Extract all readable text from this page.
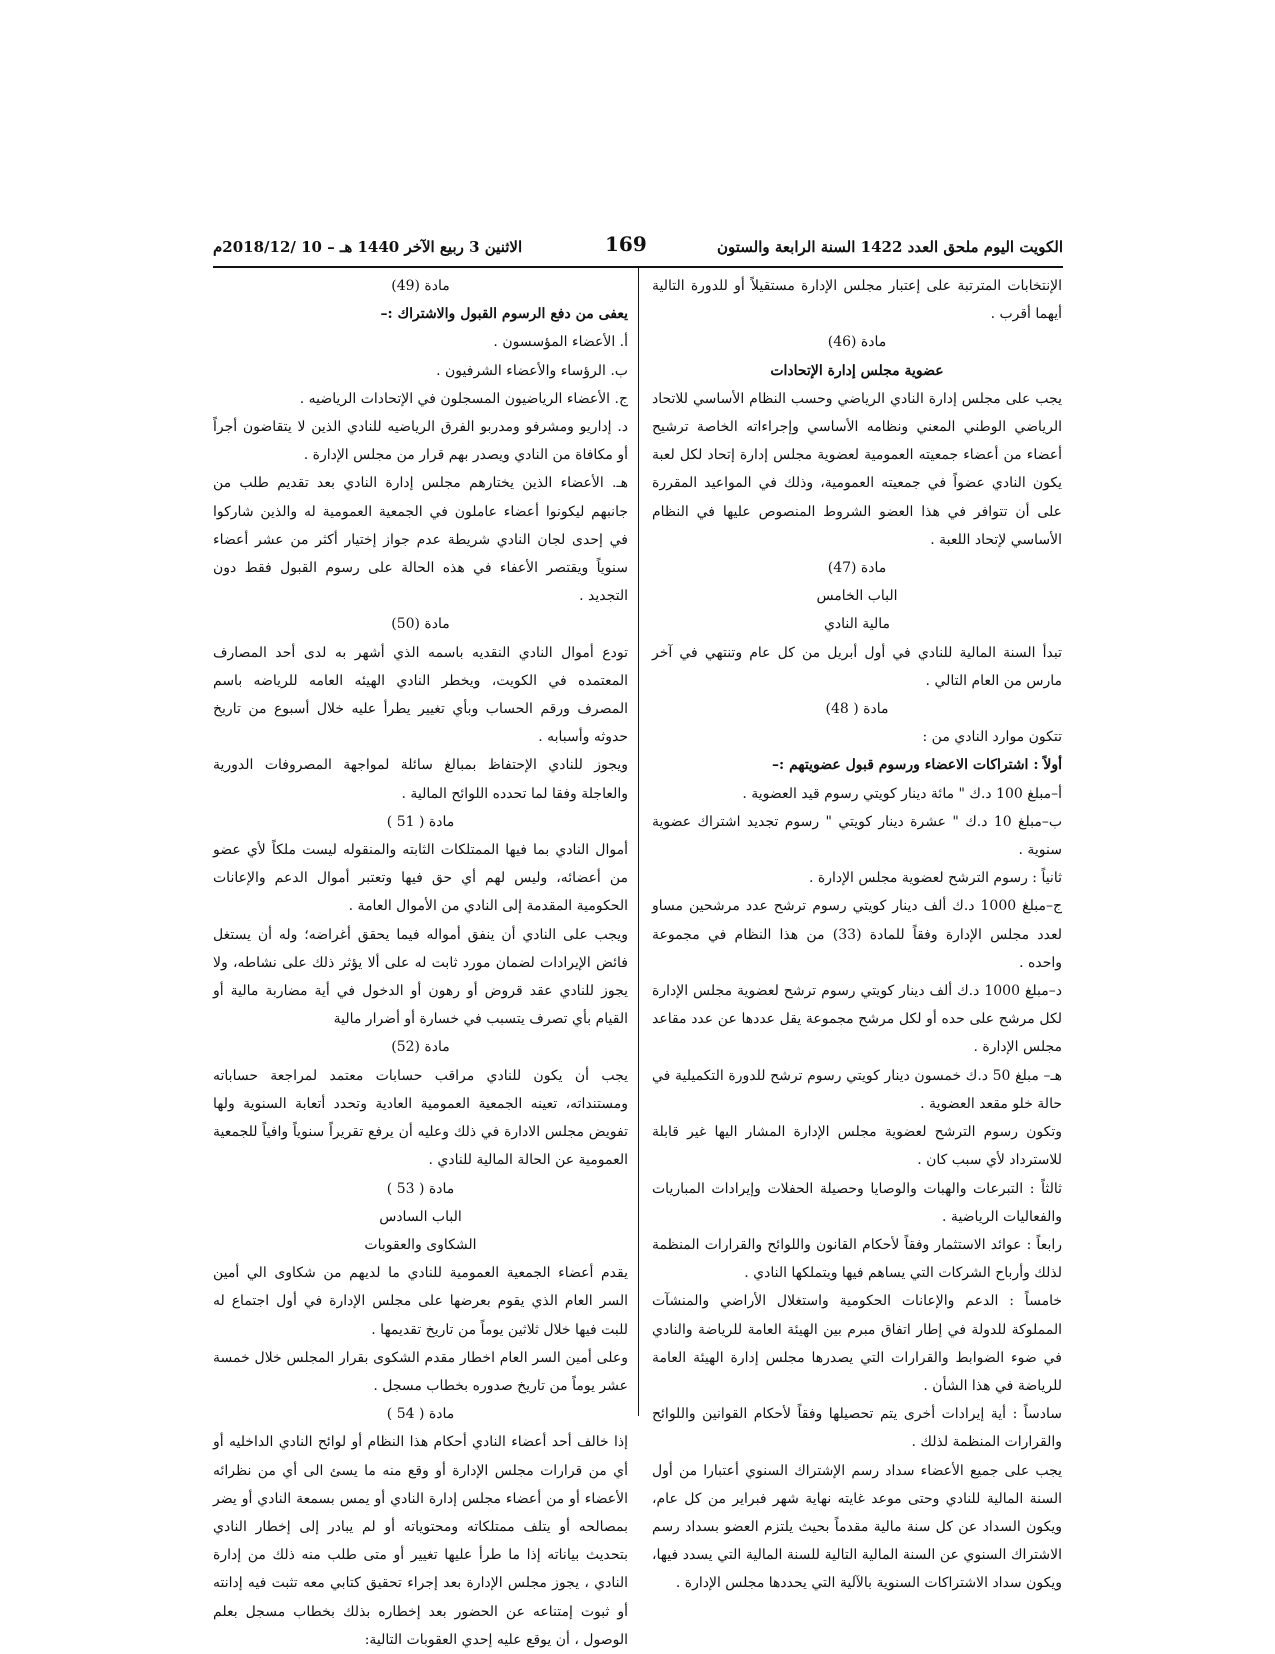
الكويت اليوم ملحق العدد 1422 السنة الرابعة والستون
169
الاثنين 3 ربيع الآخر 1440 هـ – 10 /2018/12م

الإنتخابات المترتبة على إعتبار مجلس الإدارة مستقيلاً أو للدورة التالية أيهما أقرب .

مادة (46)

عضوية مجلس إدارة الإتحادات

يجب على مجلس إدارة النادي الرياضي وحسب النظام الأساسي للاتحاد الرياضي الوطني المعني ونظامه الأساسي وإجراءاته الخاصة ترشيح أعضاء من أعضاء جمعيته العمومية لعضوية مجلس إدارة إتحاد لكل لعبة يكون النادي عضواً في جمعيته العمومية، وذلك في المواعيد المقررة على أن تتوافر في هذا العضو الشروط المنصوص عليها في النظام الأساسي لإتحاد اللعبة .

مادة (47)

الباب الخامس

مالية النادي

تبدأ السنة المالية للنادي في أول أبريل من كل عام وتنتهي في آخر مارس من العام التالي .

مادة ( 48)

تتكون موارد النادي من :

أولاً : اشتراكات الاعضاء ورسوم قبول عضويتهم :–

أ–مبلغ 100 د.ك " مائة دينار كويتي رسوم قيد العضوية .

ب–مبلغ 10 د.ك " عشرة دينار كويتي " رسوم تجديد اشتراك عضوية سنوية .

ثانياً : رسوم الترشح لعضوية مجلس الإدارة .

ج–مبلغ 1000 د.ك ألف دينار كويتي رسوم ترشح عدد مرشحين مساو لعدد مجلس الإدارة وفقاً للمادة (33) من هذا النظام في مجموعة واحده .

د–مبلغ 1000 د.ك ألف دينار كويتي رسوم ترشح لعضوية مجلس الإدارة لكل مرشح على حده أو لكل مرشح مجموعة يقل عددها عن عدد مقاعد مجلس الإدارة .

هـ– مبلغ 50 د.ك خمسون دينار كويتي رسوم ترشح للدورة التكميلية في حالة خلو مقعد العضوية .

وتكون رسوم الترشح لعضوية مجلس الإدارة المشار اليها غير قابلة للاسترداد لأي سبب كان .

ثالثاً : التبرعات والهبات والوصايا وحصيلة الحفلات وإيرادات المباريات والفعاليات الرياضية .

رابعاً : عوائد الاستثمار وفقاً لأحكام القانون واللوائح والقرارات المنظمة لذلك وأرباح الشركات التي يساهم فيها ويتملكها النادي .

خامساً : الدعم والإعانات الحكومية واستغلال الأراضي والمنشآت المملوكة للدولة في إطار اتفاق مبرم بين الهيئة العامة للرياضة والنادي في ضوء الضوابط والقرارات التي يصدرها مجلس إدارة الهيئة العامة للرياضة في هذا الشأن .

سادساً : أية إيرادات أخرى يتم تحصيلها وفقاً لأحكام القوانين واللوائح والقرارات المنظمة لذلك .

يجب على جميع الأعضاء سداد رسم الإشتراك السنوي أعتبارا من أول السنة المالية للنادي وحتى موعد غايته نهاية شهر فبراير من كل عام، ويكون السداد عن كل سنة مالية مقدماً بحيث يلتزم العضو بسداد رسم الاشتراك السنوي عن السنة المالية التالية للسنة المالية التي يسدد فيها، ويكون سداد الاشتراكات السنوية بالآلية التي يحددها مجلس الإدارة .

مادة (49)

يعفى من دفع الرسوم القبول والاشتراك :–

أ. الأعضاء المؤسسون .

ب. الرؤساء والأعضاء الشرفيون .

ج. الأعضاء الرياضيون المسجلون في الإتحادات الرياضيه .

د. إداريو ومشرفو ومدربو الفرق الرياضيه للنادي الذين لا يتقاضون أجراً أو مكافاة من النادي ويصدر بهم قرار من مجلس الإدارة .

هـ. الأعضاء الذين يختارهم مجلس إدارة النادي بعد تقديم طلب من جانبهم ليكونوا أعضاء عاملون في الجمعية العمومية له والذين شاركوا في إحدى لجان النادي شريطة عدم جواز إختيار أكثر من عشر أعضاء سنوياً ويقتصر الأعفاء في هذه الحالة على رسوم القبول فقط دون التجديد .

مادة (50)

تودع أموال النادي النقديه باسمه الذي أشهر به لدى أحد المصارف المعتمده في الكويت، ويخطر النادي الهيئه العامه للرياضه باسم المصرف ورقم الحساب وبأي تغيير يطرأ عليه خلال أسبوع من تاريخ حدوثه وأسبابه .

ويجوز للنادي الإحتفاظ بمبالغ سائلة لمواجهة المصروفات الدورية والعاجلة وفقا لما تحدده اللوائح المالية .

مادة ( 51 )

أموال النادي بما فيها الممتلكات الثابته والمنقوله ليست ملكاً لأي عضو من أعضائه، وليس لهم أي حق فيها وتعتبر أموال الدعم والإعانات الحكومية المقدمة إلى النادي من الأموال العامة .

ويجب على النادي أن ينفق أمواله فيما يحقق أغراضه؛ وله أن يستغل فائض الإيرادات لضمان مورد ثابت له على ألا يؤثر ذلك على نشاطه، ولا يجوز للنادي عقد قروض أو رهون أو الدخول في أية مضاربة مالية أو القيام بأي تصرف يتسبب في خسارة أو أضرار مالية

مادة (52)

يجب أن يكون للنادي مراقب حسابات معتمد لمراجعة حساباته ومستنداته، تعينه الجمعية العمومية العادية وتحدد أتعابة السنوية ولها تفويض مجلس الادارة في ذلك وعليه أن يرفع تقريراً سنوياً وافياً للجمعية العمومية عن الحالة المالية للنادي .

مادة ( 53 )

الباب السادس

الشكاوى والعقوبات

يقدم أعضاء الجمعية العمومية للنادي ما لديهم من شكاوى الي أمين السر العام الذي يقوم بعرضها على مجلس الإدارة في أول اجتماع له للبت فيها خلال ثلاثين يوماً من تاريخ تقديمها .

وعلى أمين السر العام اخطار مقدم الشكوى بقرار المجلس خلال خمسة عشر يوماً من تاريخ صدوره بخطاب مسجل .

مادة ( 54 )

إذا خالف أحد أعضاء النادي أحكام هذا النظام أو لوائح النادي الداخليه أو أي من قرارات مجلس الإدارة أو وقع منه ما يسئ الى أي من نظرائه الأعضاء أو من أعضاء مجلس إدارة النادي أو يمس بسمعة النادي أو يضر بمصالحه أو يتلف ممتلكاته ومحتوياته أو لم يبادر إلى إخطار النادي بتحديث بياناته إذا ما طرأ عليها تغيير أو متى طلب منه ذلك من إدارة النادي ، يجوز مجلس الإدارة بعد إجراء تحقيق كتابي معه تثبت فيه إدانته أو ثبوت إمتناعه عن الحضور بعد إخطاره بذلك بخطاب مسجل بعلم الوصول ، أن يوقع عليه إحدي العقوبات التالية:
